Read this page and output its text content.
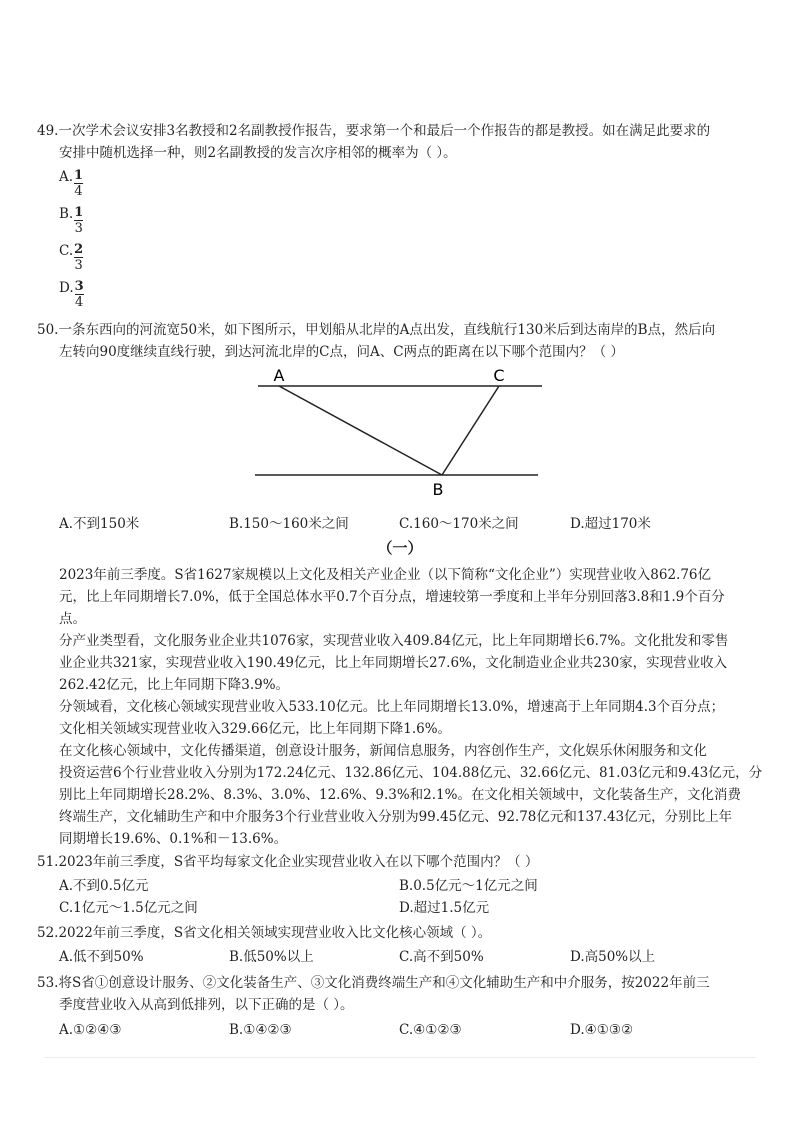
49.一次学术会议安排3名教授和2名副教授作报告，要求第一个和最后一个作报告的都是教授。如在满足此要求的
安排中随机选择一种，则2名副教授的发言次序相邻的概率为（ ）。
A. $\frac{1}{4}$
B. $\frac{1}{3}$
C. $\frac{2}{3}$
D. $\frac{3}{4}$
50.一条东西向的河流宽50米，如下图所示，甲划船从北岸的A点出发，直线航行130米后到达南岸的B点，然后向
左转向90度继续直线行驶，到达河流北岸的C点，问A、C两点的距离在以下哪个范围内？（ ）
A	C
B
A.不到150米	B.150～160米之间	C.160～170米之间	D.超过170米
（一）
2023年前三季度。S省1627家规模以上文化及相关产业企业（以下简称“文化企业”）实现营业收入862.76亿
元，比上年同期增长7.0%，低于全国总体水平0.7个百分点，增速较第一季度和上半年分别回落3.8和1.9个百分
点。
分产业类型看，文化服务业企业共1076家，实现营业收入409.84亿元，比上年同期增长6.7%。文化批发和零售
业企业共321家，实现营业收入190.49亿元，比上年同期增长27.6%，文化制造业企业共230家，实现营业收入
262.42亿元，比上年同期下降3.9%。
分领域看，文化核心领域实现营业收入533.10亿元。比上年同期增长13.0%，增速高于上年同期4.3个百分点；
文化相关领域实现营业收入329.66亿元，比上年同期下降1.6%。
在文化核心领域中，文化传播渠道，创意设计服务，新闻信息服务，内容创作生产，文化娱乐休闲服务和文化
投资运营6个行业营业收入分别为172.24亿元、132.86亿元、104.88亿元、32.66亿元、81.03亿元和9.43亿元，分
别比上年同期增长28.2%、8.3%、3.0%、12.6%、9.3%和2.1%。在文化相关领域中，文化装备生产，文化消费
终端生产，文化辅助生产和中介服务3个行业营业收入分别为99.45亿元、92.78亿元和137.43亿元，分别比上年
同期增长19.6%、0.1%和－13.6%。
51.2023年前三季度，S省平均每家文化企业实现营业收入在以下哪个范围内？（ ）
A.不到0.5亿元	B.0.5亿元～1亿元之间
C.1亿元～1.5亿元之间	D.超过1.5亿元
52.2022年前三季度，S省文化相关领域实现营业收入比文化核心领域（ ）。
A.低不到50%	B.低50%以上	C.高不到50%	D.高50%以上
53.将S省①创意设计服务、②文化装备生产、③文化消费终端生产和④文化辅助生产和中介服务，按2022年前三
季度营业收入从高到低排列，以下正确的是（ ）。
A.①②④③	B.①④②③	C.④①②③	D.④①③②
